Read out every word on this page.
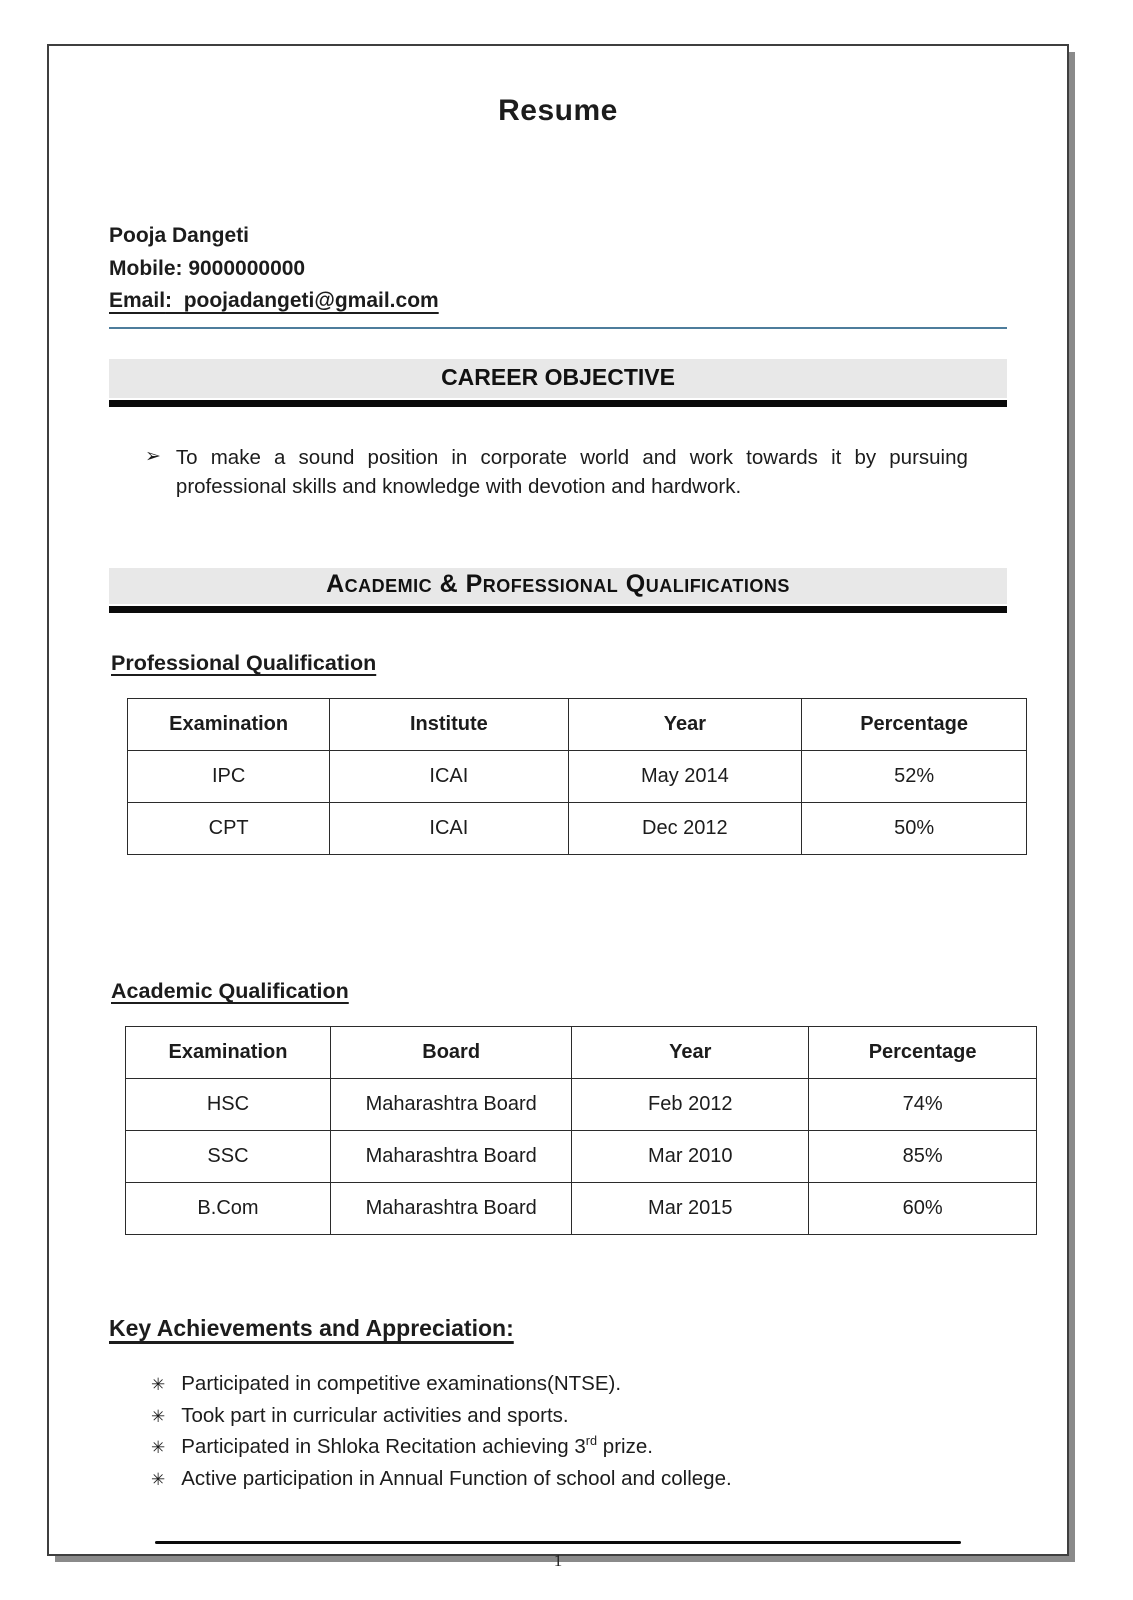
Resume
Pooja Dangeti
Mobile: 9000000000
Email:  poojadangeti@gmail.com
CAREER OBJECTIVE
➢ To make a sound position in corporate world and work towards it by pursuing professional skills and knowledge with devotion and hardwork.

Academic & Professional Qualifications
Professional Qualification
Examination	Institute	Year	Percentage
IPC	ICAI	May 2014	52%
CPT	ICAI	Dec 2012	50%
Academic Qualification
Examination	Board	Year	Percentage
HSC	Maharashtra Board	Feb 2012	74%
SSC	Maharashtra Board	Mar 2010	85%
B.Com	Maharashtra Board	Mar 2015	60%
Key Achievements and Appreciation:
✳ Participated in competitive examinations(NTSE).
✳ Took part in curricular activities and sports.
✳ Participated in Shloka Recitation achieving 3rd prize.
✳ Active participation in Annual Function of school and college.
1
